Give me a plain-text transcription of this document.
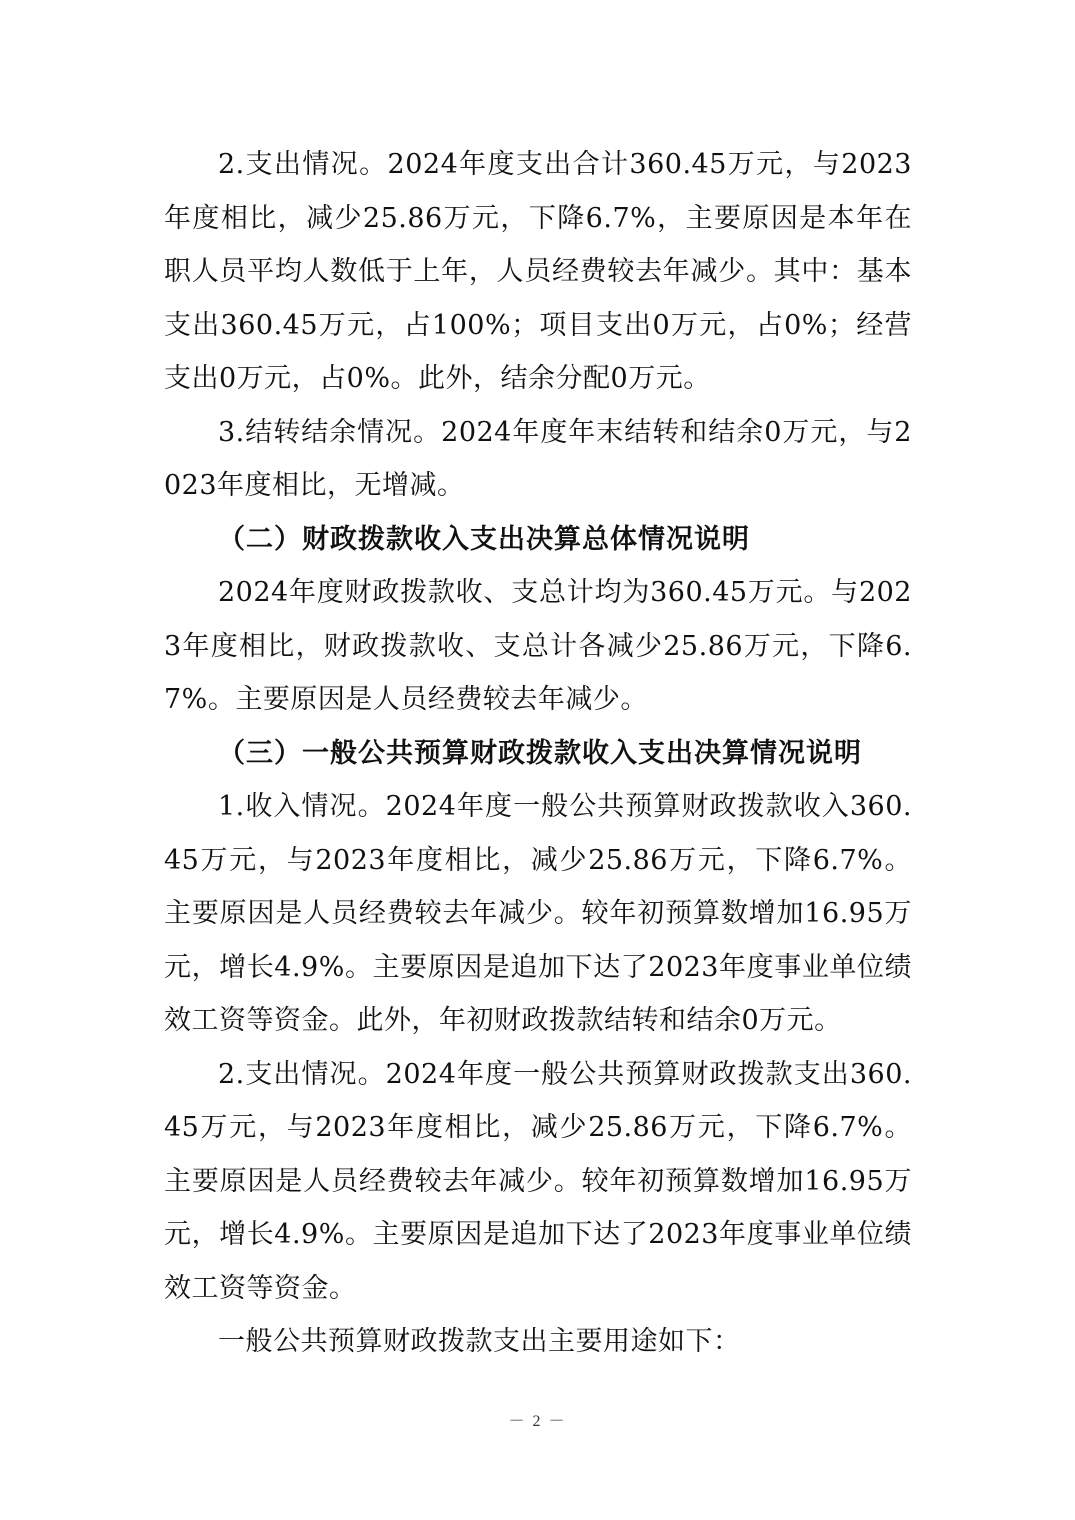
2.支出情况。2024年度支出合计360.45万元，与2023年度相比，减少25.86万元，下降6.7%，主要原因是本年在职人员平均人数低于上年，人员经费较去年减少。其中：基本支出360.45万元，占100%；项目支出0万元，占0%；经营支出0万元，占0%。此外，结余分配0万元。

3.结转结余情况。2024年度年末结转和结余0万元，与2023年度相比，无增减。

（二）财政拨款收入支出决算总体情况说明

2024年度财政拨款收、支总计均为360.45万元。与2023年度相比，财政拨款收、支总计各减少25.86万元，下降6.7%。主要原因是人员经费较去年减少。

（三）一般公共预算财政拨款收入支出决算情况说明

1.收入情况。2024年度一般公共预算财政拨款收入360.45万元，与2023年度相比，减少25.86万元，下降6.7%。主要原因是人员经费较去年减少。较年初预算数增加16.95万元，增长4.9%。主要原因是追加下达了2023年度事业单位绩效工资等资金。此外，年初财政拨款结转和结余0万元。

2.支出情况。2024年度一般公共预算财政拨款支出360.45万元，与2023年度相比，减少25.86万元，下降6.7%。主要原因是人员经费较去年减少。较年初预算数增加16.95万元，增长4.9%。主要原因是追加下达了2023年度事业单位绩效工资等资金。

一般公共预算财政拨款支出主要用途如下：

－ 2 －
